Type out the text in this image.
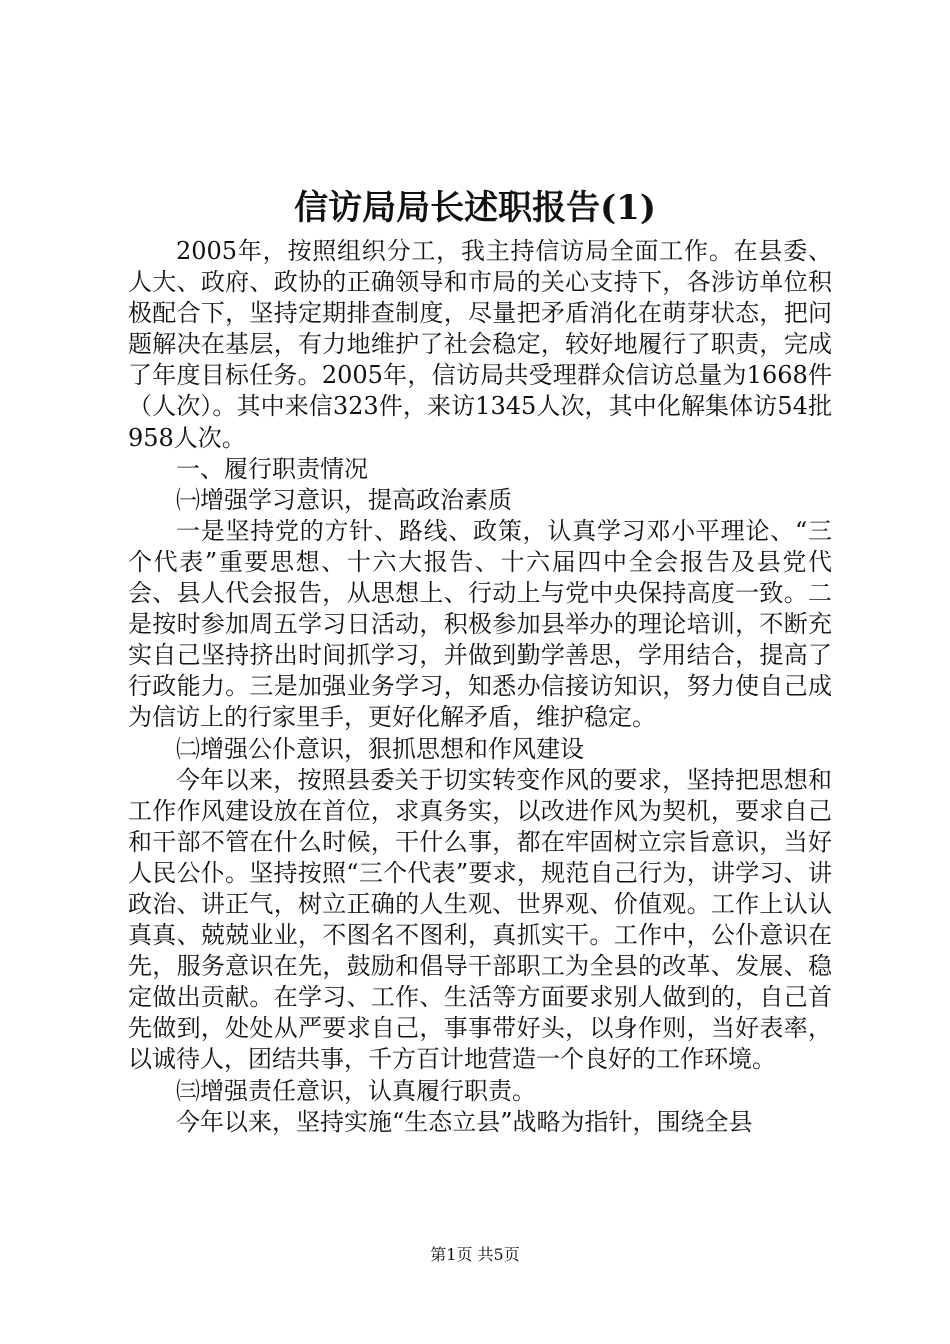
信访局局长述职报告(1)

2005年，按照组织分工，我主持信访局全面工作。在县委、人大、政府、政协的正确领导和市局的关心支持下，各涉访单位积极配合下，坚持定期排查制度，尽量把矛盾消化在萌芽状态，把问题解决在基层，有力地维护了社会稳定，较好地履行了职责，完成了年度目标任务。2005年，信访局共受理群众信访总量为1668件（人次）。其中来信323件，来访1345人次，其中化解集体访54批958人次。

一、履行职责情况

㈠增强学习意识，提高政治素质

一是坚持党的方针、路线、政策，认真学习邓小平理论、“三个代表”重要思想、十六大报告、十六届四中全会报告及县党代会、县人代会报告，从思想上、行动上与党中央保持高度一致。二是按时参加周五学习日活动，积极参加县举办的理论培训，不断充实自己坚持挤出时间抓学习，并做到勤学善思，学用结合，提高了行政能力。三是加强业务学习，知悉办信接访知识，努力使自己成为信访上的行家里手，更好化解矛盾，维护稳定。

㈡增强公仆意识，狠抓思想和作风建设

今年以来，按照县委关于切实转变作风的要求，坚持把思想和工作作风建设放在首位，求真务实，以改进作风为契机，要求自己和干部不管在什么时候，干什么事，都在牢固树立宗旨意识，当好人民公仆。坚持按照“三个代表”要求，规范自己行为，讲学习、讲政治、讲正气，树立正确的人生观、世界观、价值观。工作上认认真真、兢兢业业，不图名不图利，真抓实干。工作中，公仆意识在先，服务意识在先，鼓励和倡导干部职工为全县的改革、发展、稳定做出贡献。在学习、工作、生活等方面要求别人做到的，自己首先做到，处处从严要求自己，事事带好头，以身作则，当好表率，以诚待人，团结共事，千方百计地营造一个良好的工作环境。

㈢增强责任意识，认真履行职责。

今年以来，坚持实施“生态立县”战略为指针，围绕全县

第1页 共5页
